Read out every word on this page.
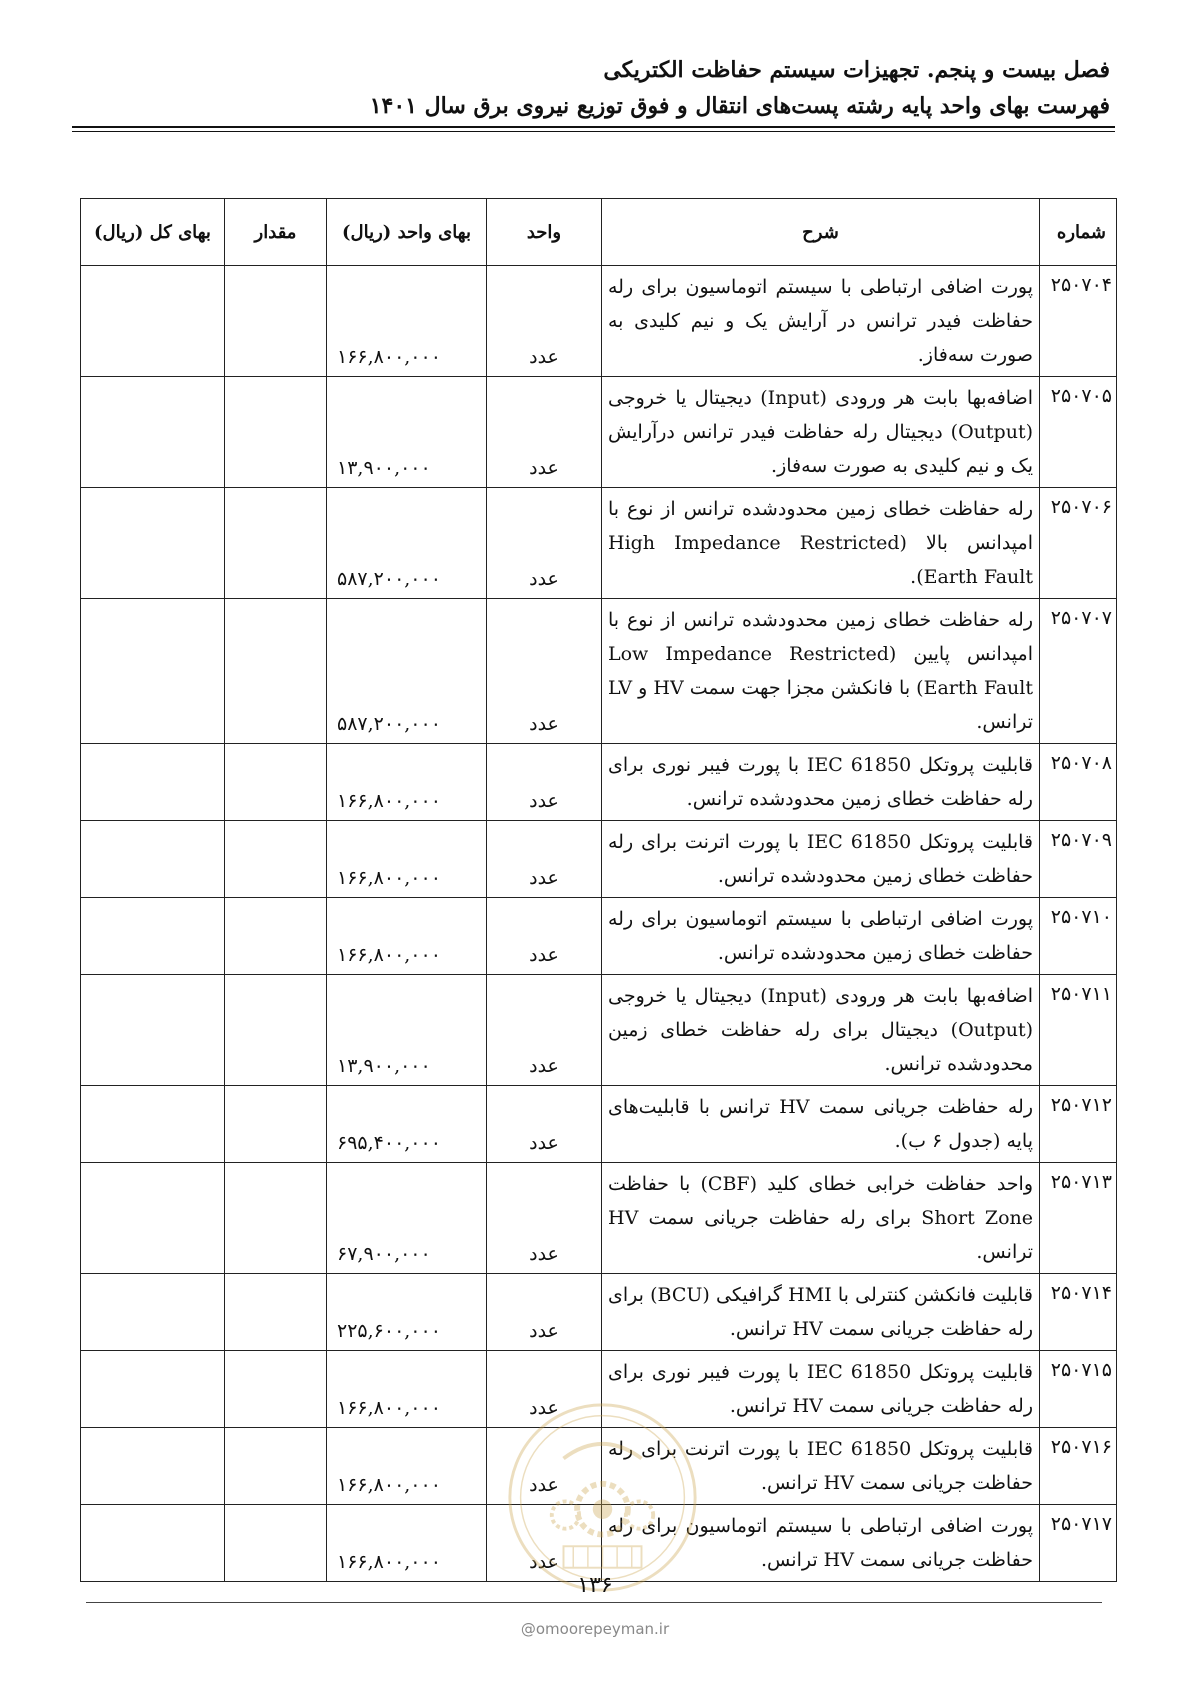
فصل بیست و پنجم. تجهیزات سیستم حفاظت الکتریکی
فهرست بهای واحد پایه رشته پست‌های انتقال و فوق توزیع نیروی برق سال ۱۴۰۱
شماره	شرح	واحد	بهای واحد (ریال)	مقدار	بهای کل (ریال)
۲۵۰۷۰۴	پورت اضافی ارتباطی با سیستم اتوماسیون برای رله حفاظت فیدر ترانس در آرایش یک و نیم کلیدی به صورت سه‌فاز.	عدد	۱۶۶,۸۰۰,۰۰۰		
۲۵۰۷۰۵	اضافه‌بها بابت هر ورودی (Input) دیجیتال یا خروجی (Output) دیجیتال رله حفاظت فیدر ترانس درآرایش یک و نیم کلیدی به صورت سه‌فاز.	عدد	۱۳,۹۰۰,۰۰۰		
۲۵۰۷۰۶	رله حفاظت خطای زمین محدودشده ترانس از نوع با امپدانس بالا (High Impedance Restricted Earth Fault).	عدد	۵۸۷,۲۰۰,۰۰۰		
۲۵۰۷۰۷	رله حفاظت خطای زمین محدودشده ترانس از نوع با امپدانس پایین (Low Impedance Restricted Earth Fault) با فانکشن مجزا جهت سمت HV و LV ترانس.	عدد	۵۸۷,۲۰۰,۰۰۰		
۲۵۰۷۰۸	قابلیت پروتکل IEC 61850 با پورت فیبر نوری برای رله حفاظت خطای زمین محدودشده ترانس.	عدد	۱۶۶,۸۰۰,۰۰۰		
۲۵۰۷۰۹	قابلیت پروتکل IEC 61850 با پورت اترنت برای رله حفاظت خطای زمین محدودشده ترانس.	عدد	۱۶۶,۸۰۰,۰۰۰		
۲۵۰۷۱۰	پورت اضافی ارتباطی با سیستم اتوماسیون برای رله حفاظت خطای زمین محدودشده ترانس.	عدد	۱۶۶,۸۰۰,۰۰۰		
۲۵۰۷۱۱	اضافه‌بها بابت هر ورودی (Input) دیجیتال یا خروجی (Output) دیجیتال برای رله حفاظت خطای زمین محدودشده ترانس.	عدد	۱۳,۹۰۰,۰۰۰		
۲۵۰۷۱۲	رله حفاظت جریانی سمت HV ترانس با قابلیت‌های پایه (جدول ۶ ب).	عدد	۶۹۵,۴۰۰,۰۰۰		
۲۵۰۷۱۳	واحد حفاظت خرابی خطای کلید (CBF) با حفاظت Short Zone برای رله حفاظت جریانی سمت HV ترانس.	عدد	۶۷,۹۰۰,۰۰۰		
۲۵۰۷۱۴	قابلیت فانکشن کنترلی با HMI گرافیکی (BCU) برای رله حفاظت جریانی سمت HV ترانس.	عدد	۲۲۵,۶۰۰,۰۰۰		
۲۵۰۷۱۵	قابلیت پروتکل IEC 61850 با پورت فیبر نوری برای رله حفاظت جریانی سمت HV ترانس.	عدد	۱۶۶,۸۰۰,۰۰۰		
۲۵۰۷۱۶	قابلیت پروتکل IEC 61850 با پورت اترنت برای رله حفاظت جریانی سمت HV ترانس.	عدد	۱۶۶,۸۰۰,۰۰۰		
۲۵۰۷۱۷	پورت اضافی ارتباطی با سیستم اتوماسیون برای رله حفاظت جریانی سمت HV ترانس.	عدد	۱۶۶,۸۰۰,۰۰۰		
۱۳۶
@omoorepeyman.ir
